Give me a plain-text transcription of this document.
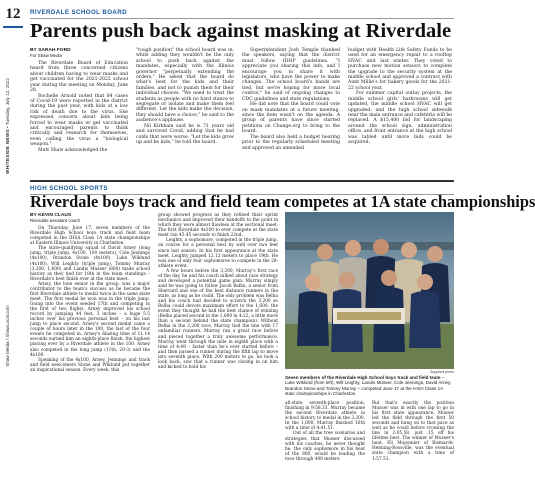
12
WHITESIDE NEWS • Tuesday, July 12, 2022
Shaw Media / ShawLocal.com
RIVERDALE SCHOOL BOARD
Parents push back against masking at Riverdale
BY SARAH FORD
For Shaw Media

The Riverdale Board of Education heard from three concerned citizens about children having to wear masks and get vaccinated for the 2021-2022 school year during the meeting on Monday, June 28.

Rochelle Arnold noted that 84 cases of Covid-19 were reported in the district during the past year, with kids at a low risk of death due to the virus. She expressed concern about kids being forced to wear masks or get vaccinated and encouraged parents to think critically and research for themselves, even calling the virus a "biological weapon."

Matt Shaw acknowledged the

"tough position" the school board was in, while adding they wouldn't be the only school to push back against the mandates, especially with the Illinois governor "perpetually extending the orders." He asked that the board do what's best for the kids and their families, and not to punish them for their individual choices. "We need to treat the students as people with no hard stance to segregate or isolate and make them feel different. Let the kids make the decision, they should have a choice," he said to the audience's applause.

Nil Kirkham said he is 71 years old and survived Covid, adding that he had colds that were worse. "Let the kids grow up and be kids," he told the board.

Superintendent Josh Temple thanked the speakers, saying that the district must follow IDHP guidelines. "I appreciate you sharing this info, and I encourage you to share it with legislators, who have the power to make changes. The school board's hands are tied, but we're hoping for more local control," he said of ongoing changes to CDC guidelines and state regulations.

He did note that the board could vote on mask mandates at a future meeting, since the item wasn't on the agenda. A group of parents have since started petitions on Change.org to bring to the board.

The board also held a budget hearing prior to the regularly scheduled meeting and approved an amended

budget with Health Life Safety Funds to be used for an emergency repair to a rooftop HVAC unit last winter. They voted to purchase new motion sensors to complete the upgrade to the security system at the middle school and approved a contract with Aunt Millie's for bakery goods for the 2021-22 school year.

For summer capital outlay projects, the middle school girls' bathrooms will get updated, the middle school HVAC will get upgraded, and the high school sidewalk near the main entrance and cafeteria will be replaced. A $15,400 bid for landscaping around the school sign, administration office, and front entrance at the high school was tabled until more bids could be acquired.

HIGH SCHOOL SPORTS
Riverdale boys track and field team competes at 1A state championships
BY KEVIN CLAUS
Riverdale assistant coach

On Thursday, June 17, seven members of the Riverdale High School boys track and field team competed in the IHSA Class 1A state championships at Eastern Illinois University in Charleston.

The state-qualifying squad of David Arney (long jump, triple jump, 4x100, 100 meters), Cole Jennings (4x100), Brandon Stone (4x100), Luke Wiklund (4x100), Will Leighty (triple jump), Tommy Murray (3,200, 1,600) and Landis Musser (800) made school history as they tied for 18th in the team standings – Riverdale's best finish ever at the state meet.

Arney, the lone senior in the group, was a major contributor to the team's success as he became the first Riverdale athlete to medal twice in the same state meet. The first medal he won was in the triple jump. Going into the event seeded 17th and competing in the first of two flights, Arney improved his school record by jumping 44 feet, 3 inches – a huge 5.5 inches over his previous personal best – on his last jump to place second. Arney's second medal came a couple of hours later in the 100, the last of the four events he competed in. Arney's blazing time of 11.14 seconds earned him an eighth-place finish, the highest placing ever by a Riverdale athlete in the 100. Arney also competed in the long jump (11th, 20-3) and the 4x100.

Speaking of the 4x100, Arney, Jennings and track and field newcomers Stone and Wiklund put together an inspirational season. Every week, this

group showed progress as they refined their sprint mechanics and improved their handoffs to the point in which they were almost flawless at the sectional meet. The first Riverdale 4x100 to ever compete at the state meet ran 45.45 seconds to finish 22nd.

Leighty, a sophomore, competed in the triple jump, on course for a personal best by well over two feet since last season. In his first appearance at the state meet, Leighty jumped 12.12 meters to place 19th. He was one of only four sophomores to compete in the 28-athlete event.

A few hours before the 3,200, Murray's first race of the day, he and his coach talked about race strategy and developed a potential game plan. Murray simply said he was going to follow Jacob Belha, a senior from Sherrard and one of the best distance runners in the state, as long as he could. The only problem was Belha and his coach had decided to scratch the 3,200 so Belha could devote maximum effort to the 1,600, the event they thought he had the best chance of winning (Belha placed second in the 1,600 in 4:22, a little more than a second behind the state champion). Without Belha in the 3,200 race, Murray tied the line with 17 unfamiliar runners. Murray ran a great race before and pieced together a truly awesome performance. Murray went through the mile in eighth place with a time of 4:49 – faster than he's ever started before – and then passed a runner during the fifth lap to move into seventh place. With 200 meters to go, he took a look back, saw that a runner was closing in on him and kicked to hold his

Supplied photo
Seven members of the Riverdale High School boys track and field team – Luke Wiklund (from left), Will Leighty, Landis Musser, Cole Jennings, David Arney, Brandon Stone and Tommy Murray – competed June 17 at the IHSA Class 1A state championships in Charleston.

all-state seventh-place position, finishing in 9:58.33. Murray became the second Riverdale athlete in school history to medal in the 3,200. In the 1,600, Murray finished 16th with a time of 4:41.51.

Out of all the tree scenarios and strategies that Musser discussed with his coaches, he never thought he, the only sophomore in his heat of the 800, would be leading the race through 400 meters.

But that's exactly the position Musser was in with one lap to go in his first state appearance. Musser led the field through the first 50 seconds and hung on to that pace as well as he could before crossing the line in 2:05.58, just .15 off his lifetime best. The winner of Musser's heat, Eli Mojonnier of Bismarck-Henning-Rossville, was the eventual state champion with a time of 1:57.51.
